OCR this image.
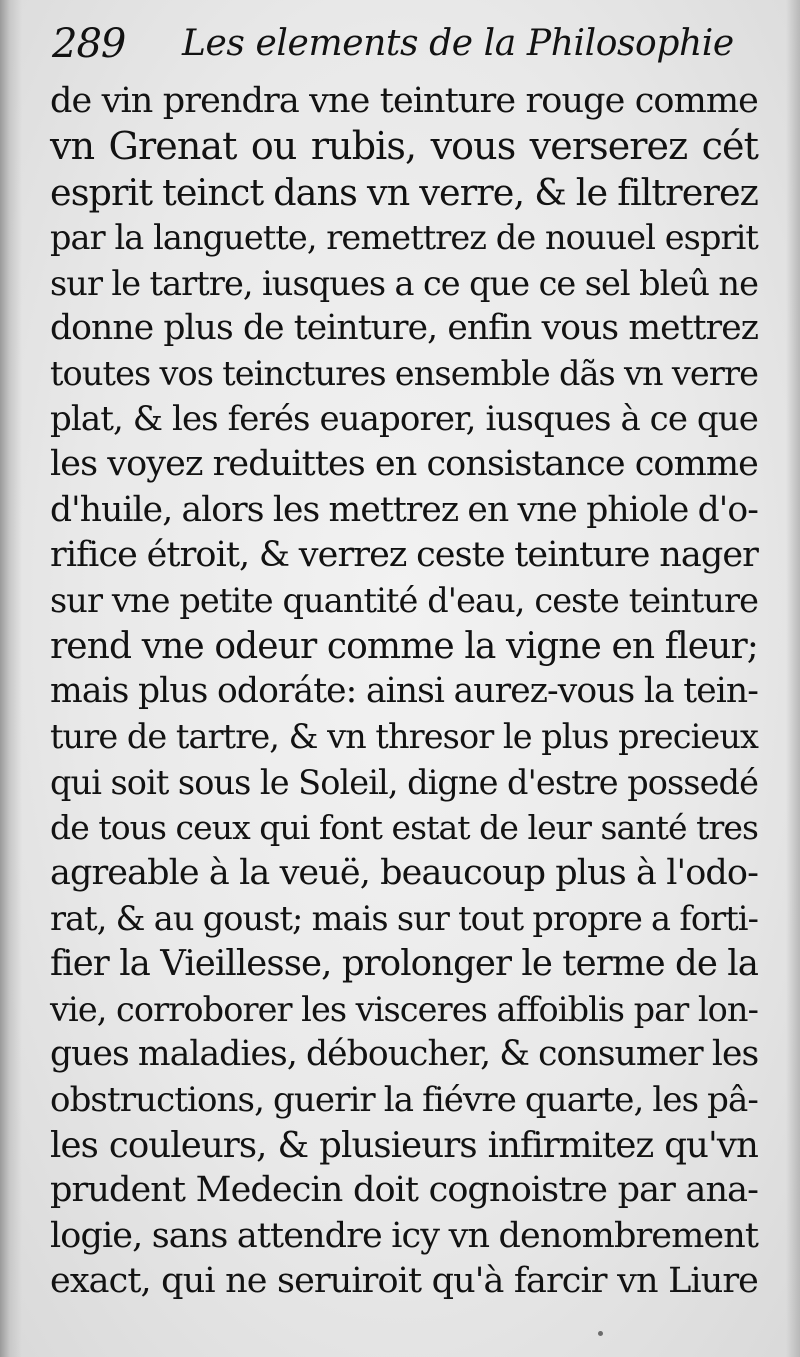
289 Les elements de la Philosophie
de vin prendra vne teinture rouge comme
vn Grenat ou rubis, vous verserez cét
esprit teinct dans vn verre, & le filtrerez
par la languette, remettrez de nouuel esprit
sur le tartre, iusques a ce que ce sel bleû ne
donne plus de teinture, enfin vous mettrez
toutes vos teinctures ensemble dãs vn verre
plat, & les ferés euaporer, iusques à ce que
les voyez reduittes en consistance comme
d'huile, alors les mettrez en vne phiole d'o-
rifice étroit, & verrez ceste teinture nager
sur vne petite quantité d'eau, ceste teinture
rend vne odeur comme la vigne en fleur;
mais plus odoráte: ainsi aurez-vous la tein-
ture de tartre, & vn thresor le plus precieux
qui soit sous le Soleil, digne d'estre possedé
de tous ceux qui font estat de leur santé tres
agreable à la veuë, beaucoup plus à l'odo-
rat, & au goust; mais sur tout propre a forti-
fier la Vieillesse, prolonger le terme de la
vie, corroborer les visceres affoiblis par lon-
gues maladies, déboucher, & consumer les
obstructions, guerir la fiévre quarte, les pâ-
les couleurs, & plusieurs infirmitez qu'vn
prudent Medecin doit cognoistre par ana-
logie, sans attendre icy vn denombrement
exact, qui ne seruiroit qu'à farcir vn Liure
